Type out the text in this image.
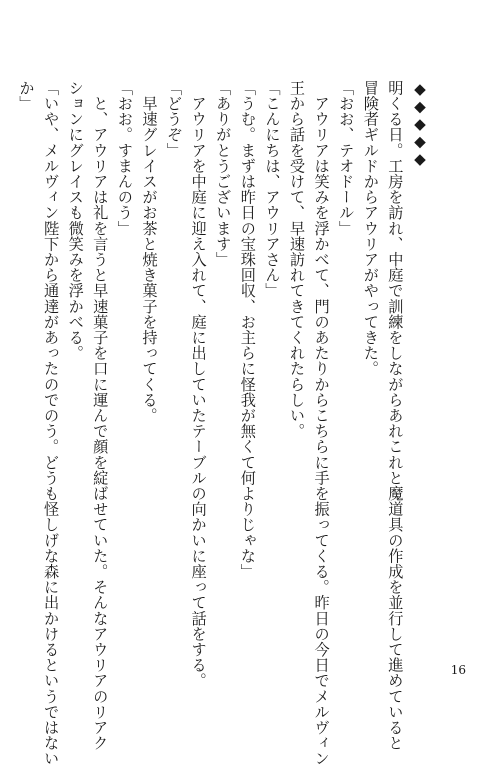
◆◆◆◆◆
明くる日。工房を訪れ、中庭で訓練をしながらあれこれと魔道具の作成を並行して進めていると
冒険者ギルドからアウリアがやってきた。
「おお、テオドール」
　アウリアは笑みを浮かべて、門のあたりからこちらに手を振ってくる。昨日の今日でメルヴィン
王から話を受けて、早速訪れてきてくれたらしい。
「こんにちは、アウリアさん」
「うむ。まずは昨日の宝珠回収、お主らに怪我が無くて何よりじゃな」
「ありがとうございます」
　アウリアを中庭に迎え入れて、庭に出していたテーブルの向かいに座って話をする。
「どうぞ」
　早速グレイスがお茶と焼き菓子を持ってくる。
「おお。すまんのう」
　と、アウリアは礼を言うと早速菓子を口に運んで顔を綻ばせていた。そんなアウリアのリアク
ションにグレイスも微笑みを浮かべる。
「いや、メルヴィン陛下から通達があったのでのう。どうも怪しげな森に出かけるというではない
か」
16
